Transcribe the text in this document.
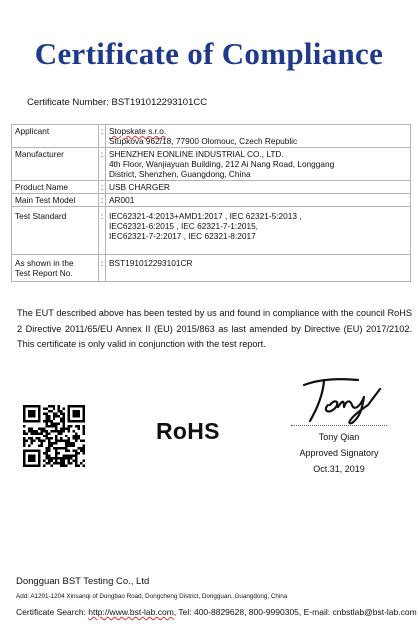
Certificate of Compliance
Certificate Number: BST191012293101CC
Applicant	:	Stopskate s.r.o.
Stupkova 962/18, 77900 Olomouc, Czech Republic

Manufacturer	:	SHENZHEN EONLINE INDUSTRIAL CO., LTD.
4th Floor, Wanjiayuan Building, 212 Ai Nang Road, Longgang
District, Shenzhen, Guangdong, China

Product Name	:	USB CHARGER
Main Test Model	:	AR001
Test Standard	:	IEC62321-4:2013+AMD1:2017 , IEC 62321-5:2013 ,
IEC62321-6:2015 , IEC 62321-7-1:2015,
IEC62321-7-2:2017 , IEC 62321-8:2017

As shown in the
Test Report No.	:	BST191012293101CR
The EUT described above has been tested by us and found in compliance with the council RoHS 2 Directive 2011/65/EU Annex II (EU) 2015/863 as last amended by Directive (EU) 2017/2102. This certificate is only valid in conjunction with the test report.
RoHS	Tony Qian
Approved Signatory
Oct.31, 2019
Dongguan BST Testing Co., Ltd
Add: A1201-1204 Xinsanqi of Dongbao Road, Dongcheng District, Dongguan, Guangdong, China
Certificate Search: http://www.bst-lab.com, Tel: 400-8829628, 800-9990305, E-mail: cnbstlab@bst-lab.com
